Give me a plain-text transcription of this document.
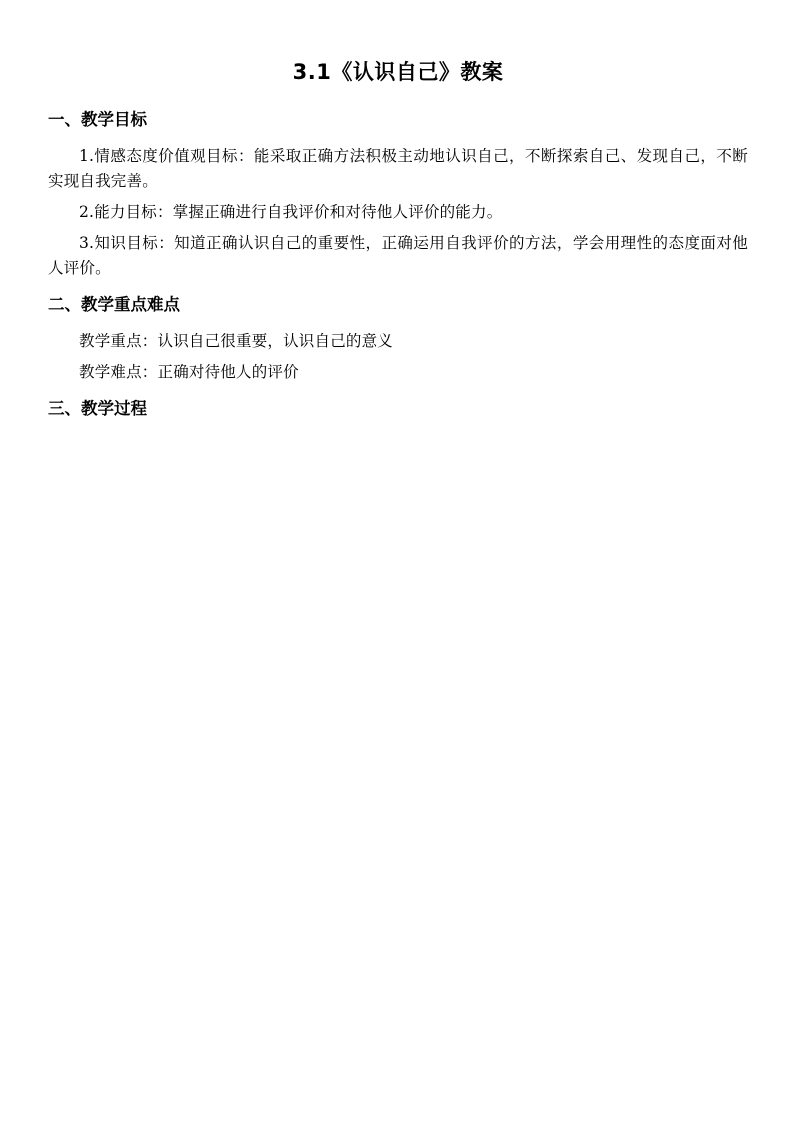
3.1《认识自己》教案
一、教学目标
1.情感态度价值观目标：能采取正确方法积极主动地认识自己，不断探索自己、发现自己，不断实现自我完善。
2.能力目标：掌握正确进行自我评价和对待他人评价的能力。
3.知识目标：知道正确认识自己的重要性，正确运用自我评价的方法，学会用理性的态度面对他人评价。
二、教学重点难点
教学重点：认识自己很重要，认识自己的意义
教学难点：正确对待他人的评价
三、教学过程
